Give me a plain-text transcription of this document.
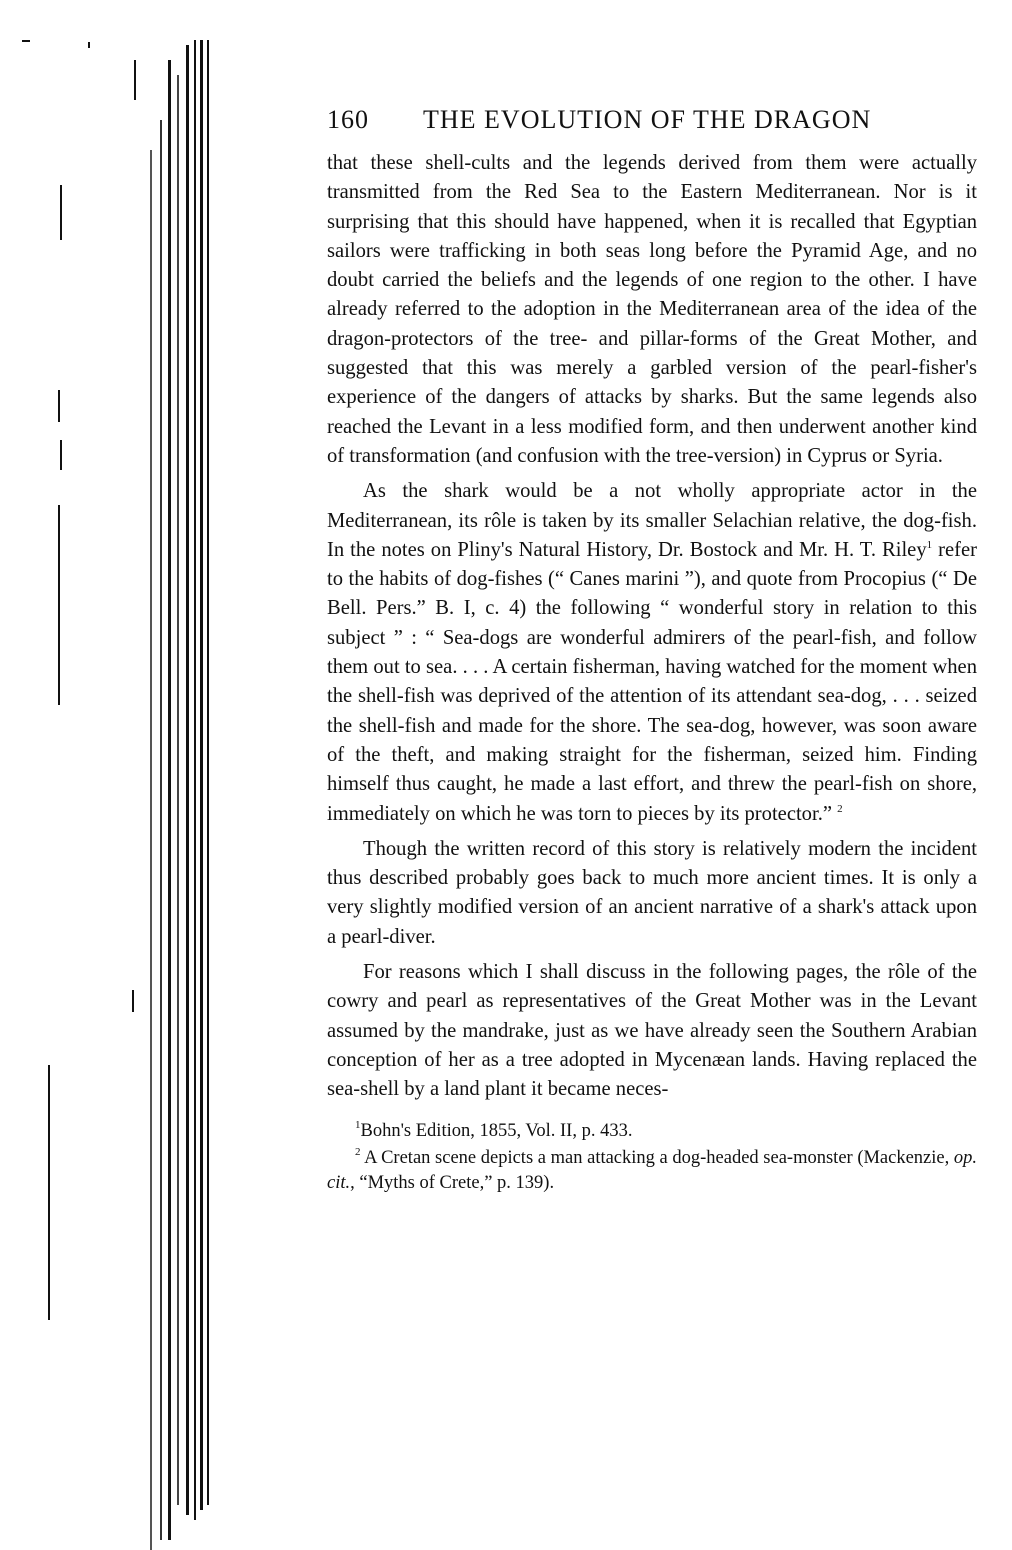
160 THE EVOLUTION OF THE DRAGON

that these shell-cults and the legends derived from them were actually transmitted from the Red Sea to the Eastern Mediterranean. Nor is it surprising that this should have happened, when it is recalled that Egyptian sailors were trafficking in both seas long before the Pyramid Age, and no doubt carried the beliefs and the legends of one region to the other. I have already referred to the adoption in the Mediterranean area of the idea of the dragon-protectors of the tree- and pillar-forms of the Great Mother, and suggested that this was merely a garbled version of the pearl-fisher's experience of the dangers of attacks by sharks. But the same legends also reached the Levant in a less modified form, and then underwent another kind of transformation (and confusion with the tree-version) in Cyprus or Syria.

As the shark would be a not wholly appropriate actor in the Mediterranean, its rôle is taken by its smaller Selachian relative, the dog-fish. In the notes on Pliny's Natural History, Dr. Bostock and Mr. H. T. Riley$^1$ refer to the habits of dog-fishes (“ Canes marini ”), and quote from Procopius (“ De Bell. Pers.” B. I, c. 4) the following “ wonderful story in relation to this subject ” : “ Sea-dogs are wonderful admirers of the pearl-fish, and follow them out to sea. . . . A certain fisherman, having watched for the moment when the shell-fish was deprived of the attention of its attendant sea-dog, . . . seized the shell-fish and made for the shore. The sea-dog, however, was soon aware of the theft, and making straight for the fisherman, seized him. Finding himself thus caught, he made a last effort, and threw the pearl-fish on shore, immediately on which he was torn to pieces by its protector.” $^2$

Though the written record of this story is relatively modern the incident thus described probably goes back to much more ancient times. It is only a very slightly modified version of an ancient narrative of a shark's attack upon a pearl-diver.

For reasons which I shall discuss in the following pages, the rôle of the cowry and pearl as representatives of the Great Mother was in the Levant assumed by the mandrake, just as we have already seen the Southern Arabian conception of her as a tree adopted in Mycenæan lands. Having replaced the sea-shell by a land plant it became neces-

$^1$Bohn's Edition, 1855, Vol. II, p. 433.

$^2$ A Cretan scene depicts a man attacking a dog-headed sea-monster (Mackenzie, op. cit., “Myths of Crete,” p. 139).
